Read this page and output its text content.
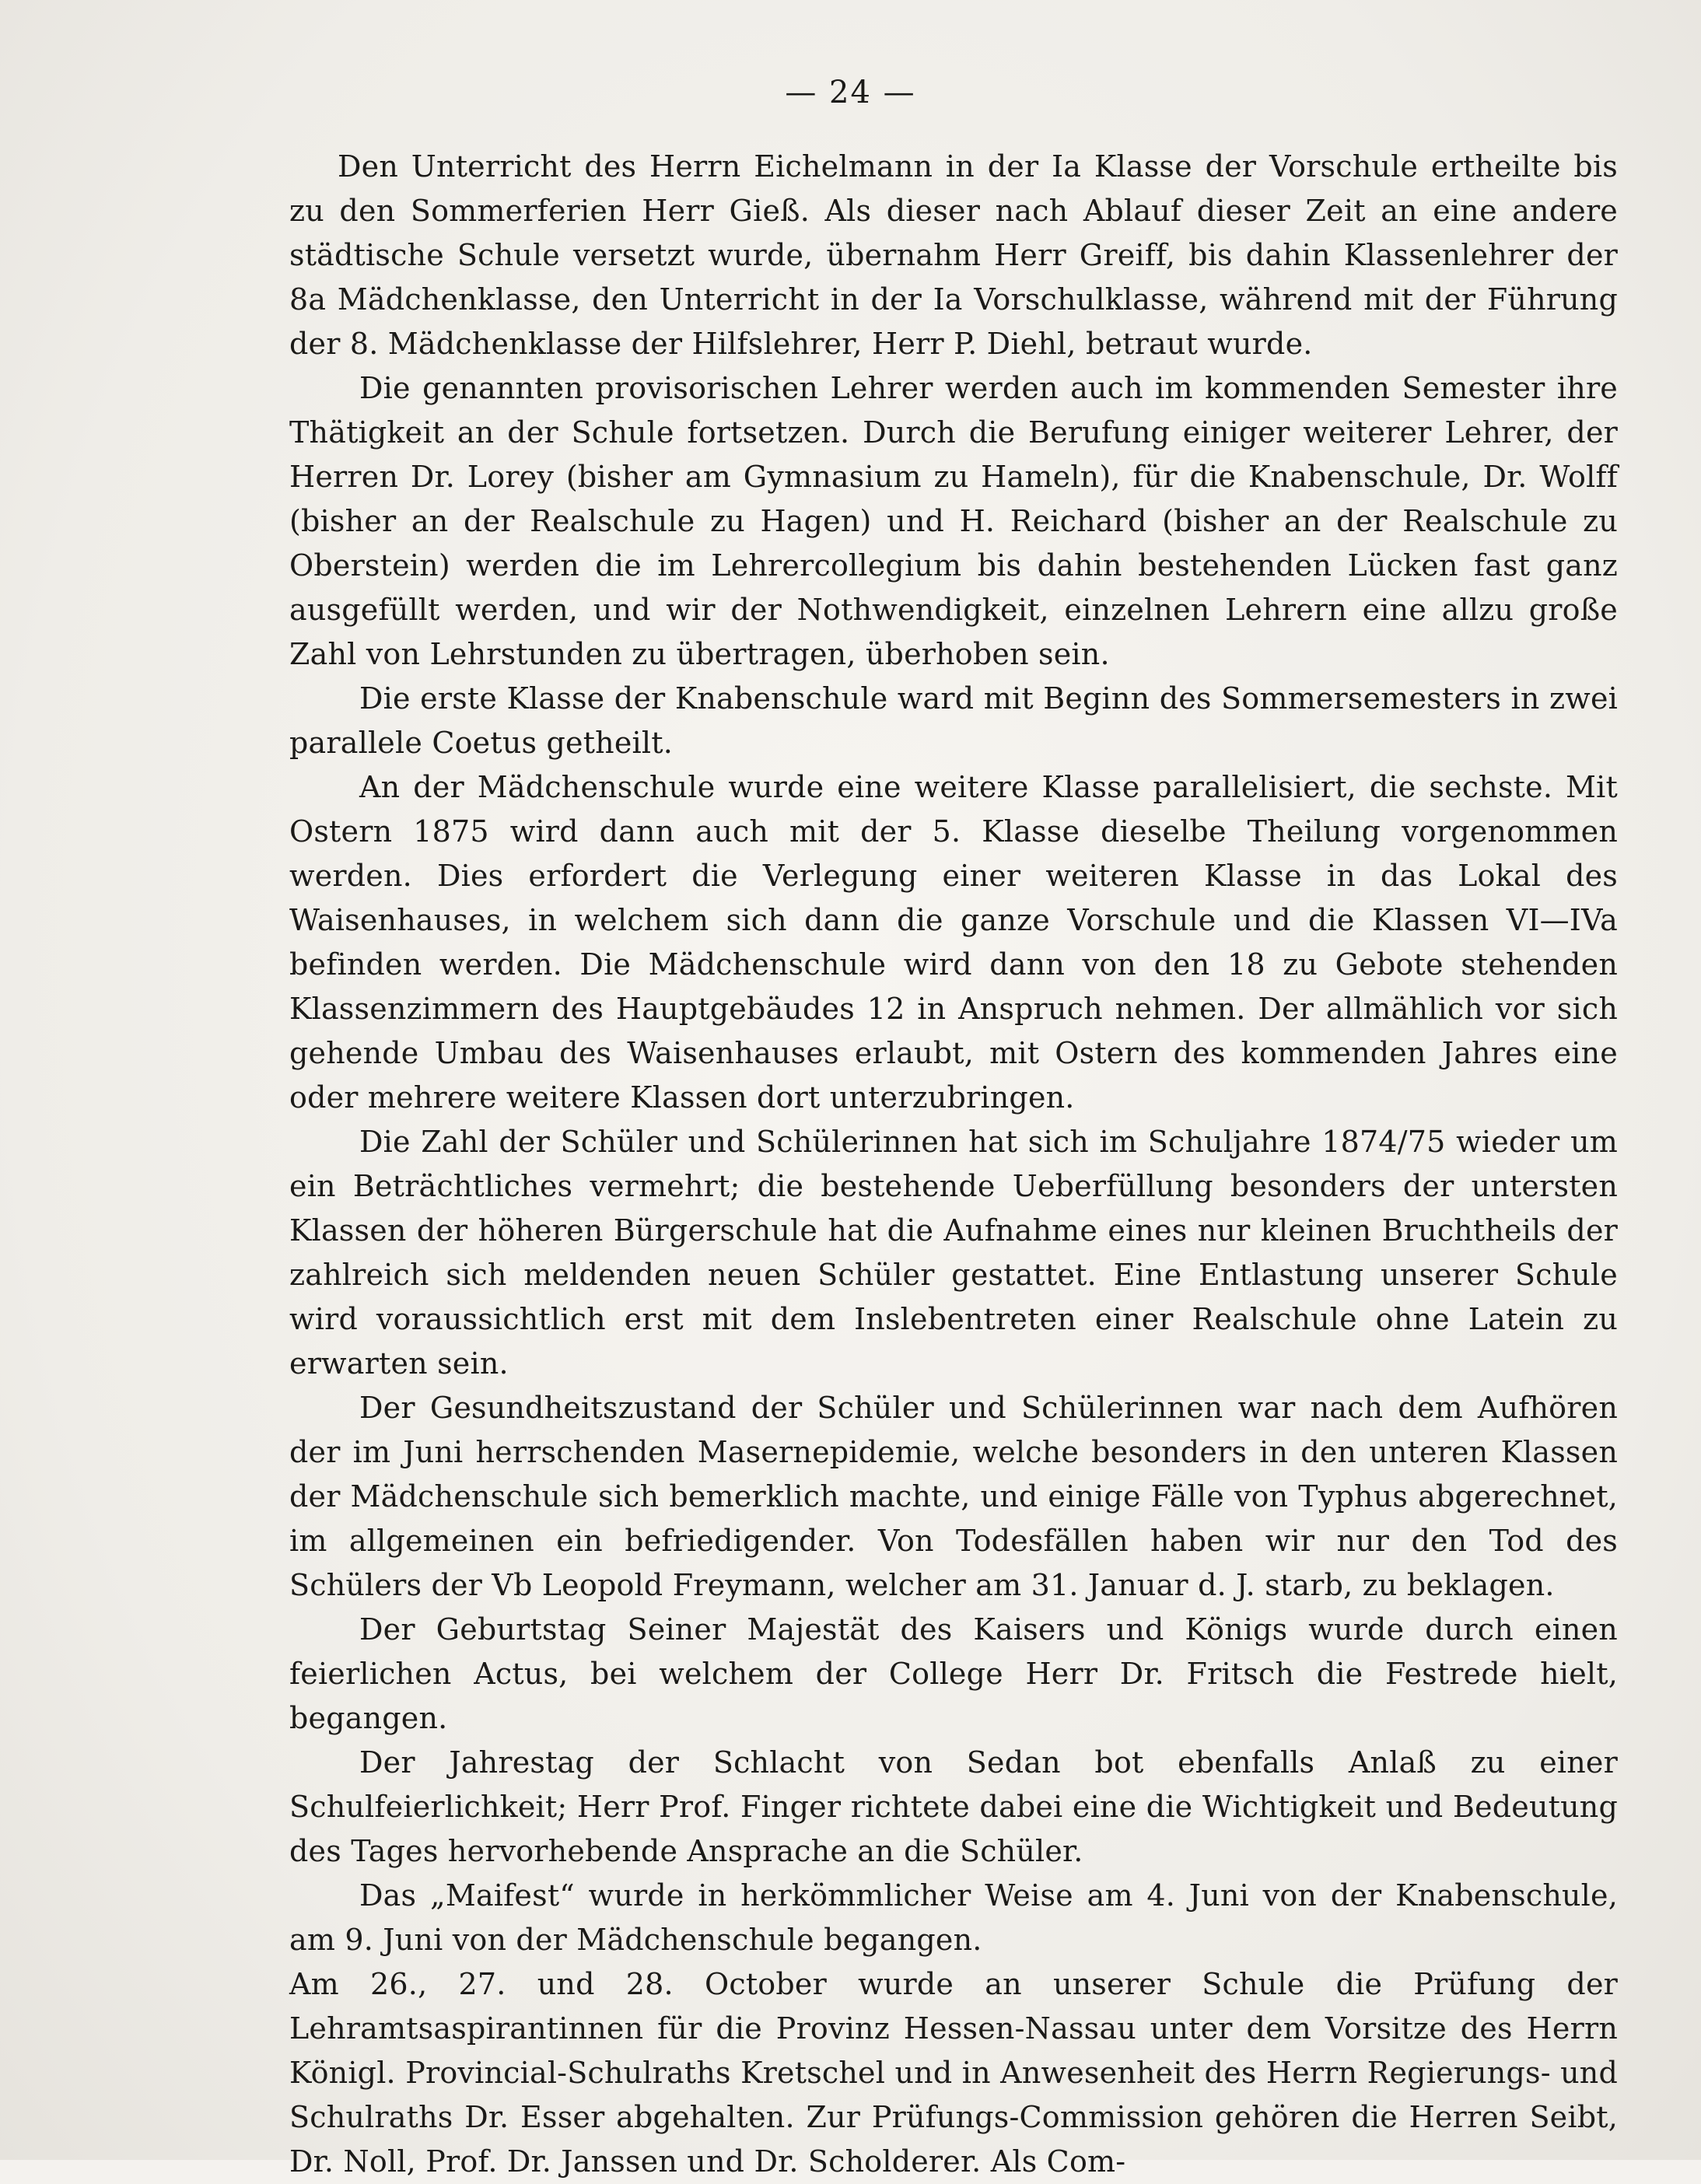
— 24 —

Den Unterricht des Herrn Eichelmann in der Ia Klasse der Vorschule ertheilte bis zu den Sommerferien Herr Gieß. Als dieser nach Ablauf dieser Zeit an eine andere städtische Schule versetzt wurde, übernahm Herr Greiff, bis dahin Klassenlehrer der 8a Mädchenklasse, den Unterricht in der Ia Vorschulklasse, während mit der Führung der 8. Mädchenklasse der Hilfslehrer, Herr P. Diehl, betraut wurde.

Die genannten provisorischen Lehrer werden auch im kommenden Semester ihre Thätigkeit an der Schule fortsetzen. Durch die Berufung einiger weiterer Lehrer, der Herren Dr. Lorey (bisher am Gymnasium zu Hameln), für die Knabenschule, Dr. Wolff (bisher an der Realschule zu Hagen) und H. Reichard (bisher an der Realschule zu Oberstein) werden die im Lehrercollegium bis dahin bestehenden Lücken fast ganz ausgefüllt werden, und wir der Nothwendigkeit, einzelnen Lehrern eine allzu große Zahl von Lehrstunden zu übertragen, überhoben sein.

Die erste Klasse der Knabenschule ward mit Beginn des Sommersemesters in zwei parallele Coetus getheilt.

An der Mädchenschule wurde eine weitere Klasse parallelisiert, die sechste. Mit Ostern 1875 wird dann auch mit der 5. Klasse dieselbe Theilung vorgenommen werden. Dies erfordert die Verlegung einer weiteren Klasse in das Lokal des Waisenhauses, in welchem sich dann die ganze Vorschule und die Klassen VI—IVa befinden werden. Die Mädchenschule wird dann von den 18 zu Gebote stehenden Klassenzimmern des Hauptgebäudes 12 in Anspruch nehmen. Der allmählich vor sich gehende Umbau des Waisenhauses erlaubt, mit Ostern des kommenden Jahres eine oder mehrere weitere Klassen dort unterzubringen.

Die Zahl der Schüler und Schülerinnen hat sich im Schuljahre 1874/75 wieder um ein Beträchtliches vermehrt; die bestehende Ueberfüllung besonders der untersten Klassen der höheren Bürgerschule hat die Aufnahme eines nur kleinen Bruchtheils der zahlreich sich meldenden neuen Schüler gestattet. Eine Entlastung unserer Schule wird voraussichtlich erst mit dem Inslebentreten einer Realschule ohne Latein zu erwarten sein.

Der Gesundheitszustand der Schüler und Schülerinnen war nach dem Aufhören der im Juni herrschenden Masernepidemie, welche besonders in den unteren Klassen der Mädchenschule sich bemerklich machte, und einige Fälle von Typhus abgerechnet, im allgemeinen ein befriedigender. Von Todesfällen haben wir nur den Tod des Schülers der Vb Leopold Freymann, welcher am 31. Januar d. J. starb, zu beklagen.

Der Geburtstag Seiner Majestät des Kaisers und Königs wurde durch einen feierlichen Actus, bei welchem der College Herr Dr. Fritsch die Festrede hielt, begangen.

Der Jahrestag der Schlacht von Sedan bot ebenfalls Anlaß zu einer Schulfeierlichkeit; Herr Prof. Finger richtete dabei eine die Wichtigkeit und Bedeutung des Tages hervorhebende Ansprache an die Schüler.

Das „Maifest“ wurde in herkömmlicher Weise am 4. Juni von der Knabenschule, am 9. Juni von der Mädchenschule begangen.

Am 26., 27. und 28. October wurde an unserer Schule die Prüfung der Lehramtsaspirantinnen für die Provinz Hessen-Nassau unter dem Vorsitze des Herrn Königl. Provincial-Schulraths Kretschel und in Anwesenheit des Herrn Regierungs- und Schulraths Dr. Esser abgehalten. Zur Prüfungs-Commission gehören die Herren Seibt, Dr. Noll, Prof. Dr. Janssen und Dr. Scholderer. Als Com-
